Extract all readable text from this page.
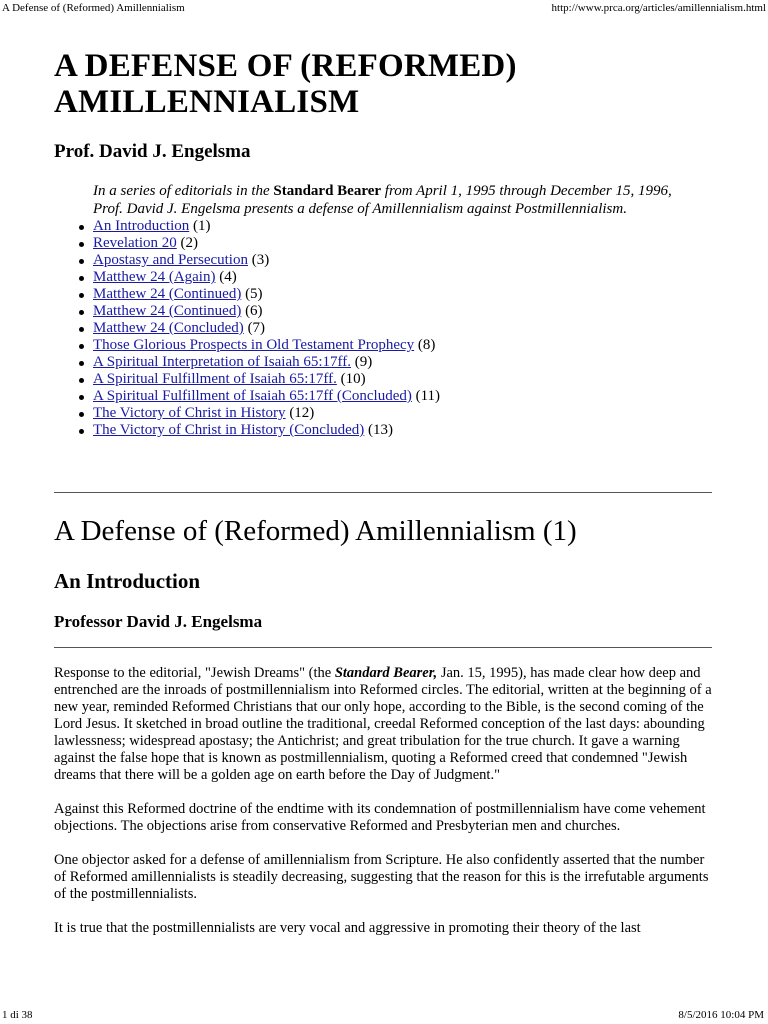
A Defense of (Reformed) Amillennialism	http://www.prca.org/articles/amillennialism.html
A DEFENSE OF (REFORMED)
AMILLENNIALISM
Prof. David J. Engelsma
In a series of editorials in the Standard Bearer from April 1, 1995 through December 15, 1996, Prof. David J. Engelsma presents a defense of Amillennialism against Postmillennialism.
An Introduction (1)
Revelation 20 (2)
Apostasy and Persecution (3)
Matthew 24 (Again) (4)
Matthew 24 (Continued) (5)
Matthew 24 (Continued) (6)
Matthew 24 (Concluded) (7)
Those Glorious Prospects in Old Testament Prophecy (8)
A Spiritual Interpretation of Isaiah 65:17ff. (9)
A Spiritual Fulfillment of Isaiah 65:17ff. (10)
A Spiritual Fulfillment of Isaiah 65:17ff (Concluded) (11)
The Victory of Christ in History (12)
The Victory of Christ in History (Concluded) (13)
A Defense of (Reformed) Amillennialism (1)
An Introduction
Professor David J. Engelsma

Response to the editorial, "Jewish Dreams" (the Standard Bearer, Jan. 15, 1995), has made clear how deep and entrenched are the inroads of postmillennialism into Reformed circles. The editorial, written at the beginning of a new year, reminded Reformed Christians that our only hope, according to the Bible, is the second coming of the Lord Jesus. It sketched in broad outline the traditional, creedal Reformed conception of the last days: abounding lawlessness; widespread apostasy; the Antichrist; and great tribulation for the true church. It gave a warning against the false hope that is known as postmillennialism, quoting a Reformed creed that condemned "Jewish dreams that there will be a golden age on earth before the Day of Judgment."

Against this Reformed doctrine of the endtime with its condemnation of postmillennialism have come vehement objections. The objections arise from conservative Reformed and Presbyterian men and churches.

One objector asked for a defense of amillennialism from Scripture. He also confidently asserted that the number of Reformed amillennialists is steadily decreasing, suggesting that the reason for this is the irrefutable arguments of the postmillennialists.

It is true that the postmillennialists are very vocal and aggressive in promoting their theory of the last

1 di 38	8/5/2016 10:04 PM
